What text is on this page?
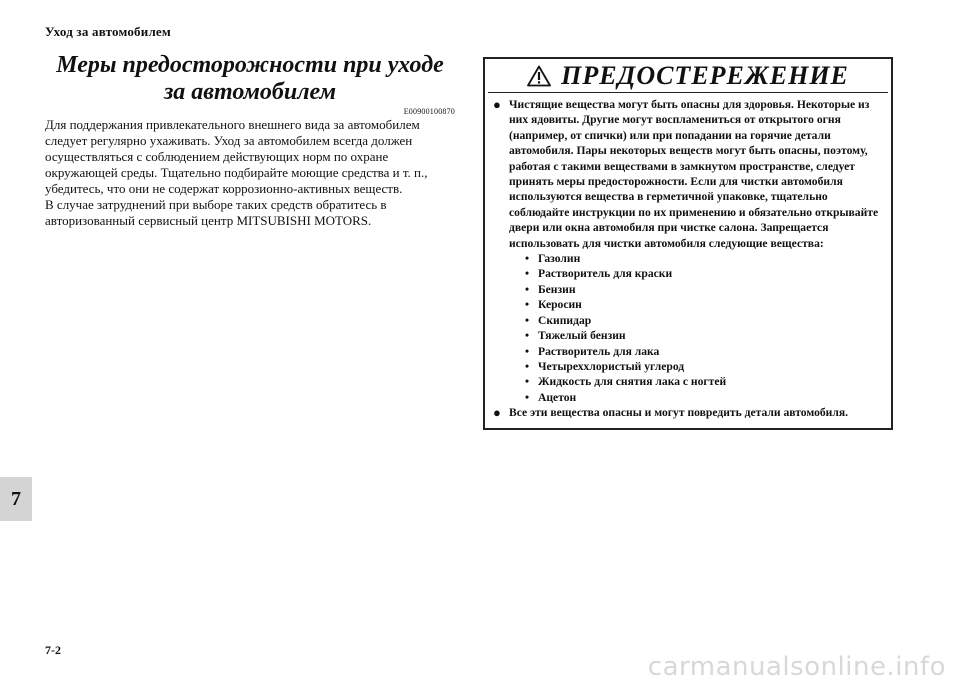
Уход за автомобилем
Меры предосторожности при уходе
за автомобилем
E00900100870

Для поддержания привлекательного внешнего вида за автомобилем следует регулярно ухаживать. Уход за автомобилем всегда должен осуществляться с соблюдением действующих норм по охране окружающей среды. Тщательно подбирайте моющие средства и т. п., убедитесь, что они не содержат коррозионно-активных веществ.

В случае затруднений при выборе таких средств обратитесь в авторизованный сервисный центр MITSUBISHI MOTORS.

ПРЕДОСТЕРЕЖЕНИЕ
● Чистящие вещества могут быть опасны для здоровья. Некоторые из них ядовиты. Другие могут воспламениться от открытого огня (например, от спички) или при попадании на горячие детали автомобиля. Пары некоторых веществ могут быть опасны, поэтому, работая с такими веществами в замкнутом пространстве, следует принять меры предосторожности. Если для чистки автомобиля используются вещества в герметичной упаковке, тщательно соблюдайте инструкции по их применению и обязательно открывайте двери или окна автомобиля при чистке салона. Запрещается использовать для чистки автомобиля следующие вещества:
• Газолин
• Растворитель для краски
• Бензин
• Керосин
• Скипидар
• Тяжелый бензин
• Растворитель для лака
• Четыреххлористый углерод
• Жидкость для снятия лака с ногтей
• Ацетон
● Все эти вещества опасны и могут повредить детали автомобиля.
7
7-2
carmanualsonline.info
